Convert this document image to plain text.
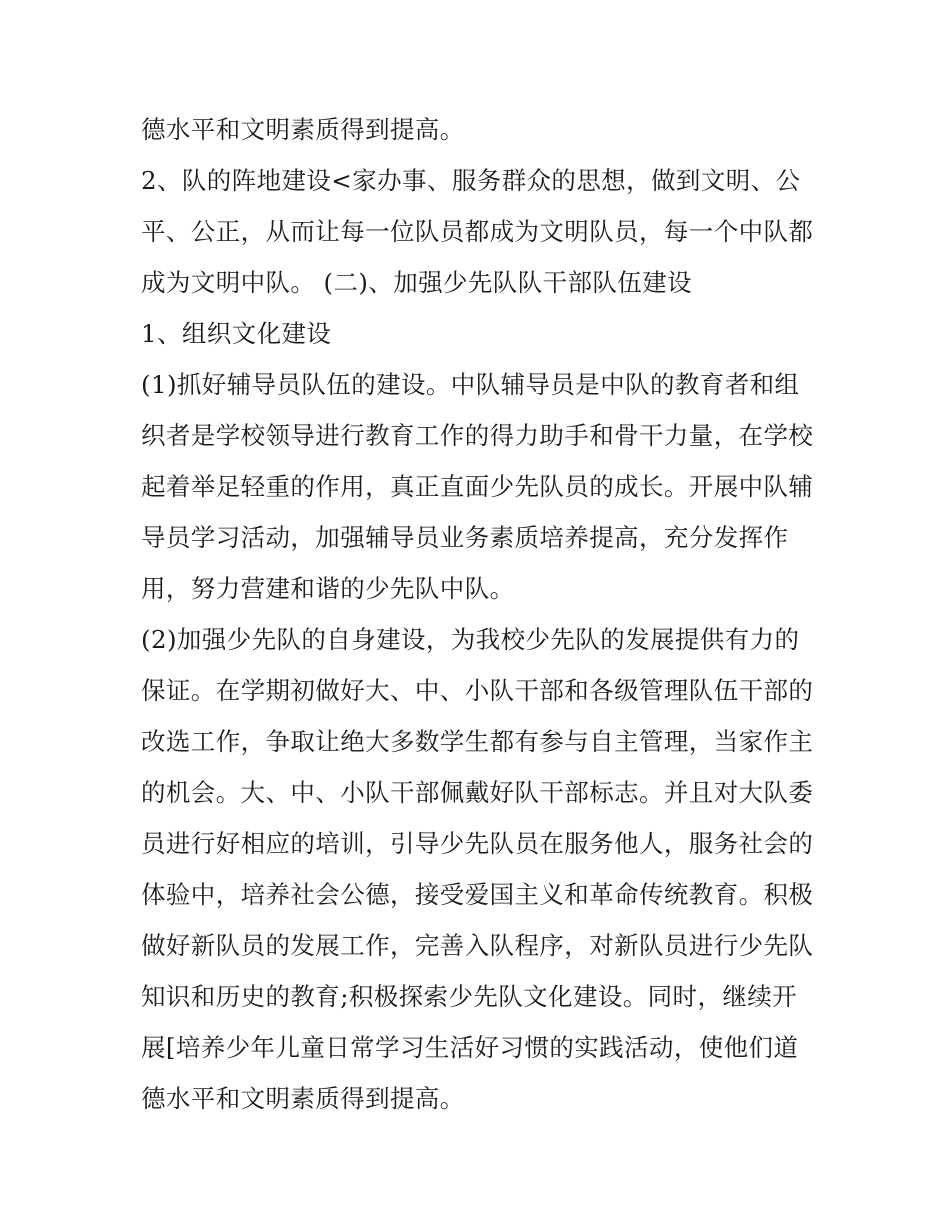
德水平和文明素质得到提高。
2、队的阵地建设<家办事、服务群众的思想，做到文明、公
平、公正，从而让每一位队员都成为文明队员，每一个中队都
成为文明中队。 (二)、加强少先队队干部队伍建设
1、组织文化建设
(1)抓好辅导员队伍的建设。中队辅导员是中队的教育者和组
织者是学校领导进行教育工作的得力助手和骨干力量，在学校
起着举足轻重的作用，真正直面少先队员的成长。开展中队辅
导员学习活动，加强辅导员业务素质培养提高，充分发挥作
用，努力营建和谐的少先队中队。
(2)加强少先队的自身建设，为我校少先队的发展提供有力的
保证。在学期初做好大、中、小队干部和各级管理队伍干部的
改选工作，争取让绝大多数学生都有参与自主管理，当家作主
的机会。大、中、小队干部佩戴好队干部标志。并且对大队委
员进行好相应的培训，引导少先队员在服务他人，服务社会的
体验中，培养社会公德，接受爱国主义和革命传统教育。积极
做好新队员的发展工作，完善入队程序，对新队员进行少先队
知识和历史的教育;积极探索少先队文化建设。同时，继续开
展[培养少年儿童日常学习生活好习惯的实践活动，使他们道
德水平和文明素质得到提高。
